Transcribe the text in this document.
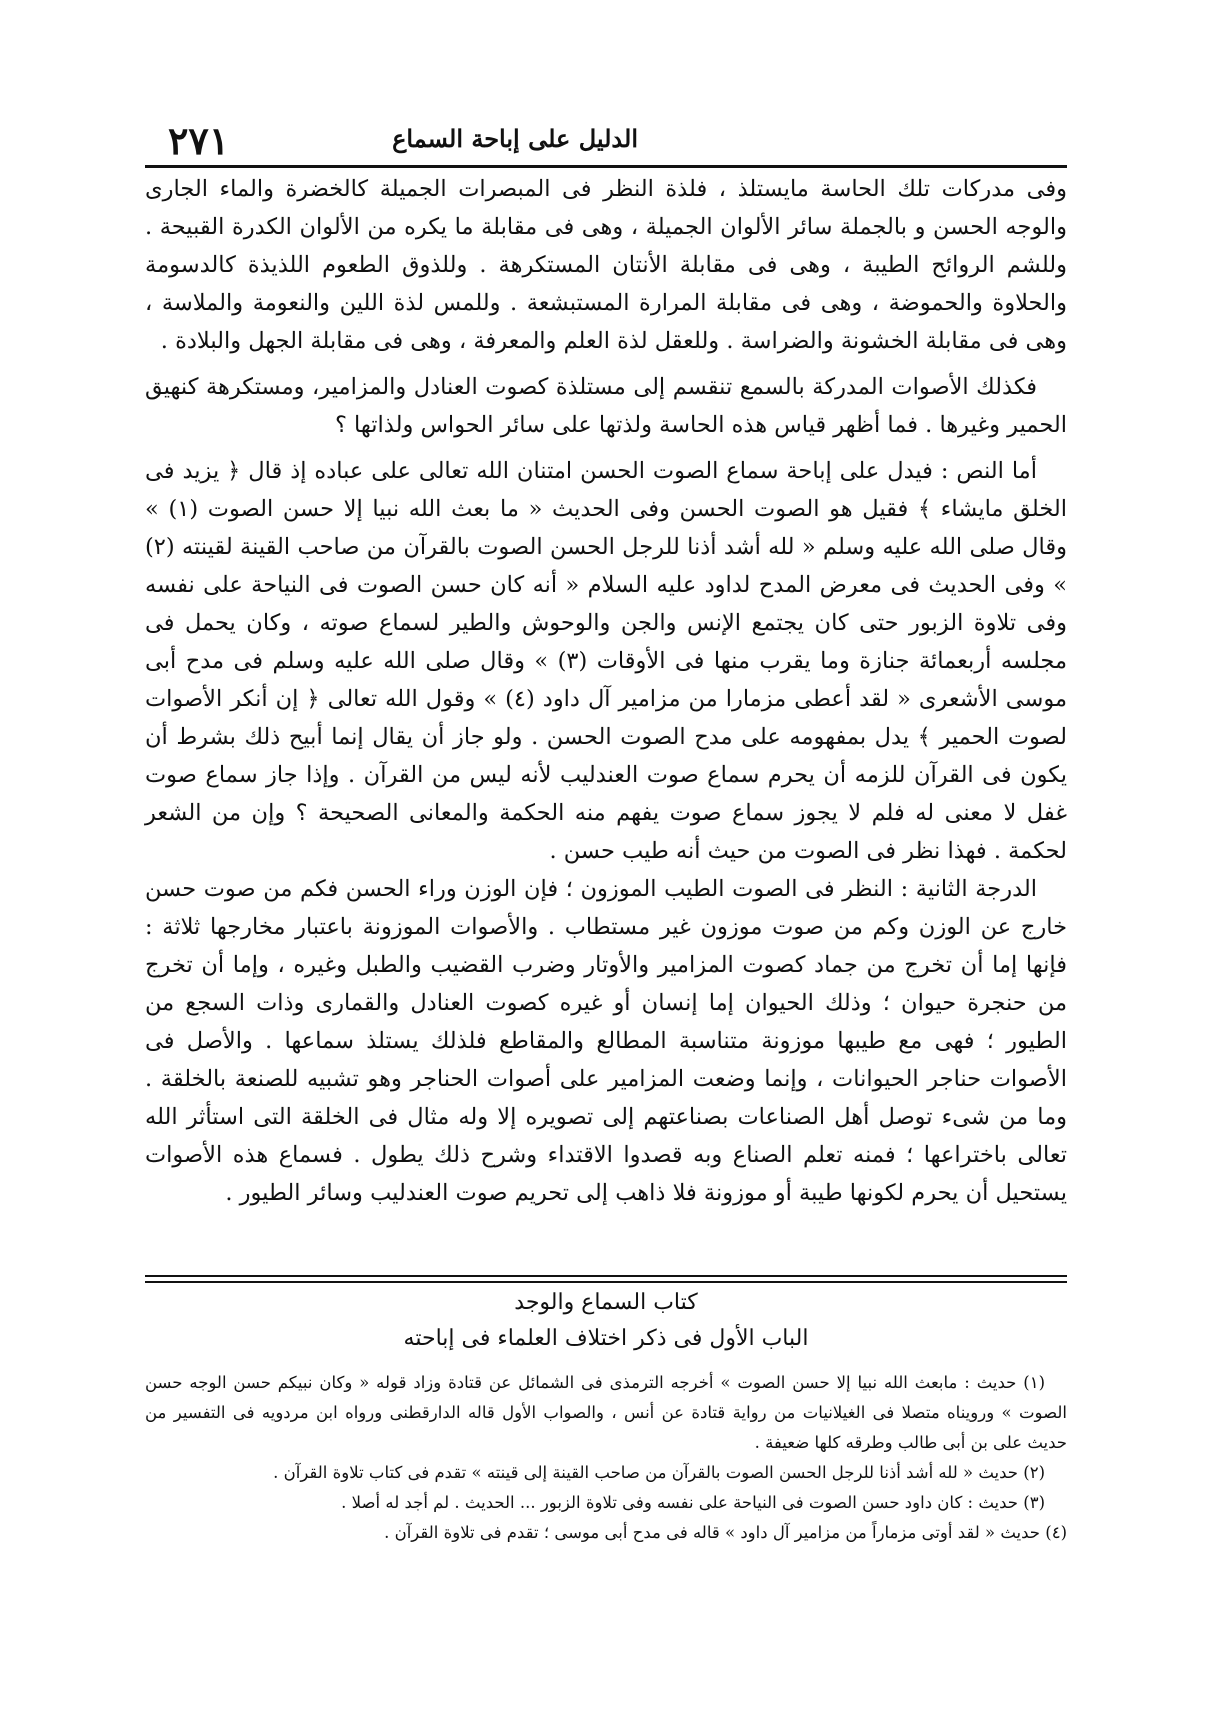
٢٧١	الدليل على إباحة السماع

وفى مدركات تلك الحاسة مايستلذ ، فلذة النظر فى المبصرات الجميلة كالخضرة والماء الجارى والوجه الحسن و بالجملة سائر الألوان الجميلة ، وهى فى مقابلة ما يكره من الألوان الكدرة القبيحة . وللشم الروائح الطيبة ، وهى فى مقابلة الأنتان المستكرهة . وللذوق الطعوم اللذيذة كالدسومة والحلاوة والحموضة ، وهى فى مقابلة المرارة المستبشعة . وللمس لذة اللين والنعومة والملاسة ، وهى فى مقابلة الخشونة والضراسة . وللعقل لذة العلم والمعرفة ، وهى فى مقابلة الجهل والبلادة .

فكذلك الأصوات المدركة بالسمع تنقسم إلى مستلذة كصوت العنادل والمزامير، ومستكرهة كنهيق الحمير وغيرها . فما أظهر قياس هذه الحاسة ولذتها على سائر الحواس ولذاتها ؟

أما النص : فيدل على إباحة سماع الصوت الحسن امتنان الله تعالى على عباده إذ قال ﴿ يزيد فى الخلق مايشاء ﴾ فقيل هو الصوت الحسن وفى الحديث « ما بعث الله نبيا إلا حسن الصوت (١) » وقال صلى الله عليه وسلم « لله أشد أذنا للرجل الحسن الصوت بالقرآن من صاحب القينة لقينته (٢) » وفى الحديث فى معرض المدح لداود عليه السلام « أنه كان حسن الصوت فى النياحة على نفسه وفى تلاوة الزبور حتى كان يجتمع الإنس والجن والوحوش والطير لسماع صوته ، وكان يحمل فى مجلسه أربعمائة جنازة وما يقرب منها فى الأوقات (٣) » وقال صلى الله عليه وسلم فى مدح أبى موسى الأشعرى « لقد أعطى مزمارا من مزامير آل داود (٤) » وقول الله تعالى ﴿ إن أنكر الأصوات لصوت الحمير ﴾ يدل بمفهومه على مدح الصوت الحسن . ولو جاز أن يقال إنما أبيح ذلك بشرط أن يكون فى القرآن للزمه أن يحرم سماع صوت العندليب لأنه ليس من القرآن . وإذا جاز سماع صوت غفل لا معنى له فلم لا يجوز سماع صوت يفهم منه الحكمة والمعانى الصحيحة ؟ وإن من الشعر لحكمة . فهذا نظر فى الصوت من حيث أنه طيب حسن .

الدرجة الثانية : النظر فى الصوت الطيب الموزون ؛ فإن الوزن وراء الحسن فكم من صوت حسن خارج عن الوزن وكم من صوت موزون غير مستطاب . والأصوات الموزونة باعتبار مخارجها ثلاثة : فإنها إما أن تخرج من جماد كصوت المزامير والأوتار وضرب القضيب والطبل وغيره ، وإما أن تخرج من حنجرة حيوان ؛ وذلك الحيوان إما إنسان أو غيره كصوت العنادل والقمارى وذات السجع من الطيور ؛ فهى مع طيبها موزونة متناسبة المطالع والمقاطع فلذلك يستلذ سماعها . والأصل فى الأصوات حناجر الحيوانات ، وإنما وضعت المزامير على أصوات الحناجر وهو تشبيه للصنعة بالخلقة . وما من شىء توصل أهل الصناعات بصناعتهم إلى تصويره إلا وله مثال فى الخلقة التى استأثر الله تعالى باختراعها ؛ فمنه تعلم الصناع وبه قصدوا الاقتداء وشرح ذلك يطول . فسماع هذه الأصوات يستحيل أن يحرم لكونها طيبة أو موزونة فلا ذاهب إلى تحريم صوت العندليب وسائر الطيور .

كتاب السماع والوجد
الباب الأول فى ذكر اختلاف العلماء فى إباحته

(١) حديث : مابعث الله نبيا إلا حسن الصوت » أخرجه الترمذى فى الشمائل عن قتادة وزاد قوله « وكان نبيكم حسن الوجه حسن الصوت » ورويناه متصلا فى الغيلانيات من رواية قتادة عن أنس ، والصواب الأول قاله الدارقطنى ورواه ابن مردويه فى التفسير من حديث على بن أبى طالب وطرقه كلها ضعيفة .

(٢) حديث « لله أشد أذنا للرجل الحسن الصوت بالقرآن من صاحب القينة إلى قينته » تقدم فى كتاب تلاوة القرآن .

(٣) حديث : كان داود حسن الصوت فى النياحة على نفسه وفى تلاوة الزبور ... الحديث . لم أجد له أصلا .

(٤) حديث « لقد أوتى مزماراً من مزامير آل داود » قاله فى مدح أبى موسى ؛ تقدم فى تلاوة القرآن .
